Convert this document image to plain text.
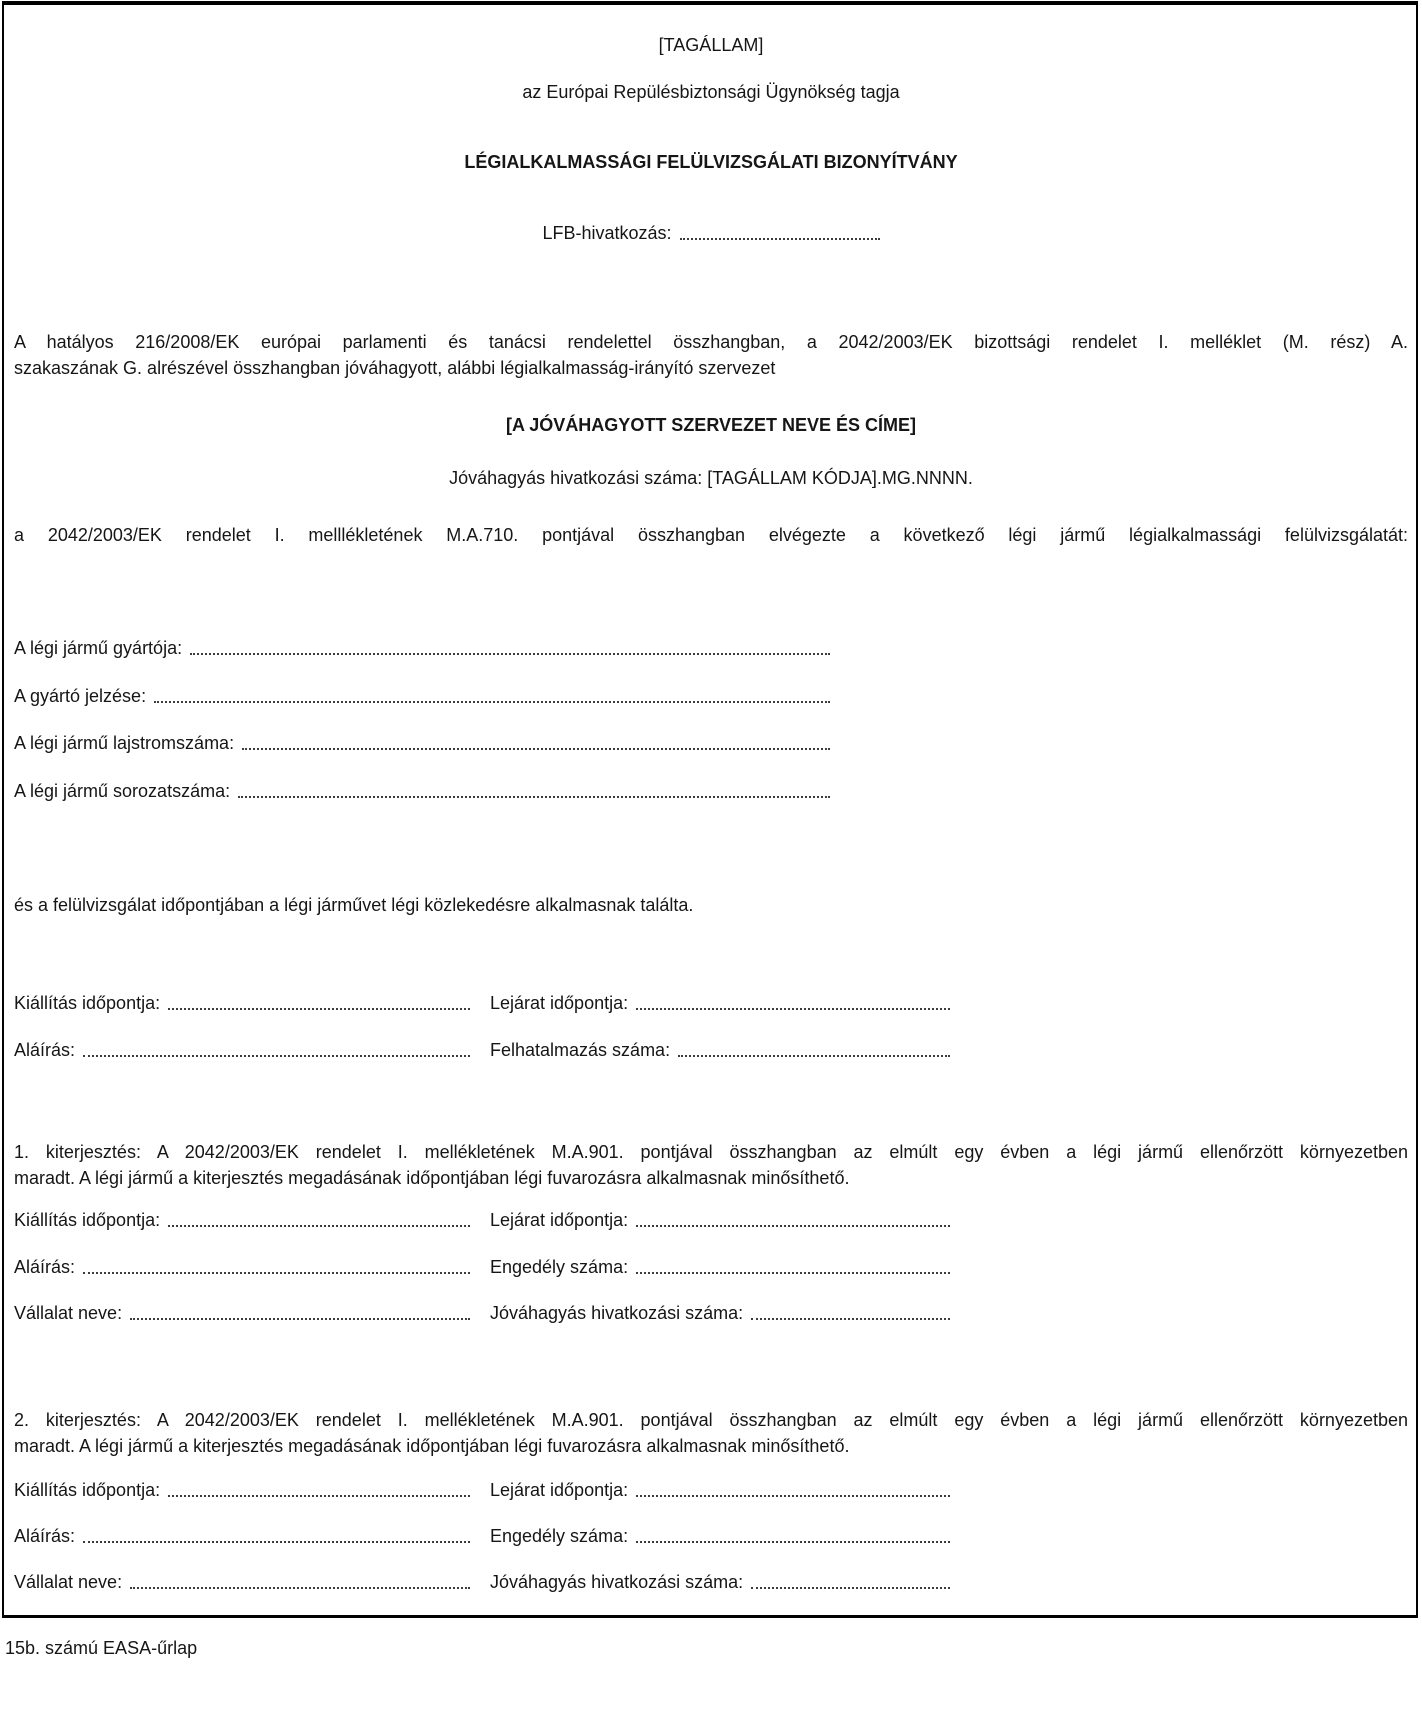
[TAGÁLLAM]
az Európai Repülésbiztonsági Ügynökség tagja
LÉGIALKALMASSÁGI FELÜLVIZSGÁLATI BIZONYÍTVÁNY
LFB-hivatkozás:
A hatályos 216/2008/EK európai parlamenti és tanácsi rendelettel összhangban, a 2042/2003/EK bizottsági rendelet I. melléklet (M. rész) A.
szakaszának G. alrészével összhangban jóváhagyott, alábbi légialkalmasság-irányító szervezet
[A JÓVÁHAGYOTT SZERVEZET NEVE ÉS CÍME]
Jóváhagyás hivatkozási száma: [TAGÁLLAM KÓDJA].MG.NNNN.
a 2042/2003/EK rendelet I. melllékletének M.A.710. pontjával összhangban elvégezte a következő légi jármű légialkalmassági felülvizsgálatát:
A légi jármű gyártója:
A gyártó jelzése:
A légi jármű lajstromszáma:
A légi jármű sorozatszáma:
és a felülvizsgálat időpontjában a légi járművet légi közlekedésre alkalmasnak találta.
Kiállítás időpontja:	Lejárat időpontja:
Aláírás:	Felhatalmazás száma:
1. kiterjesztés: A 2042/2003/EK rendelet I. mellékletének M.A.901. pontjával összhangban az elmúlt egy évben a légi jármű ellenőrzött környezetben
maradt. A légi jármű a kiterjesztés megadásának időpontjában légi fuvarozásra alkalmasnak minősíthető.
Kiállítás időpontja:	Lejárat időpontja:
Aláírás:	Engedély száma:
Vállalat neve:	Jóváhagyás hivatkozási száma:
2. kiterjesztés: A 2042/2003/EK rendelet I. mellékletének M.A.901. pontjával összhangban az elmúlt egy évben a légi jármű ellenőrzött környezetben
maradt. A légi jármű a kiterjesztés megadásának időpontjában légi fuvarozásra alkalmasnak minősíthető.
Kiállítás időpontja:	Lejárat időpontja:
Aláírás:	Engedély száma:
Vállalat neve:	Jóváhagyás hivatkozási száma:
15b. számú EASA-űrlap
